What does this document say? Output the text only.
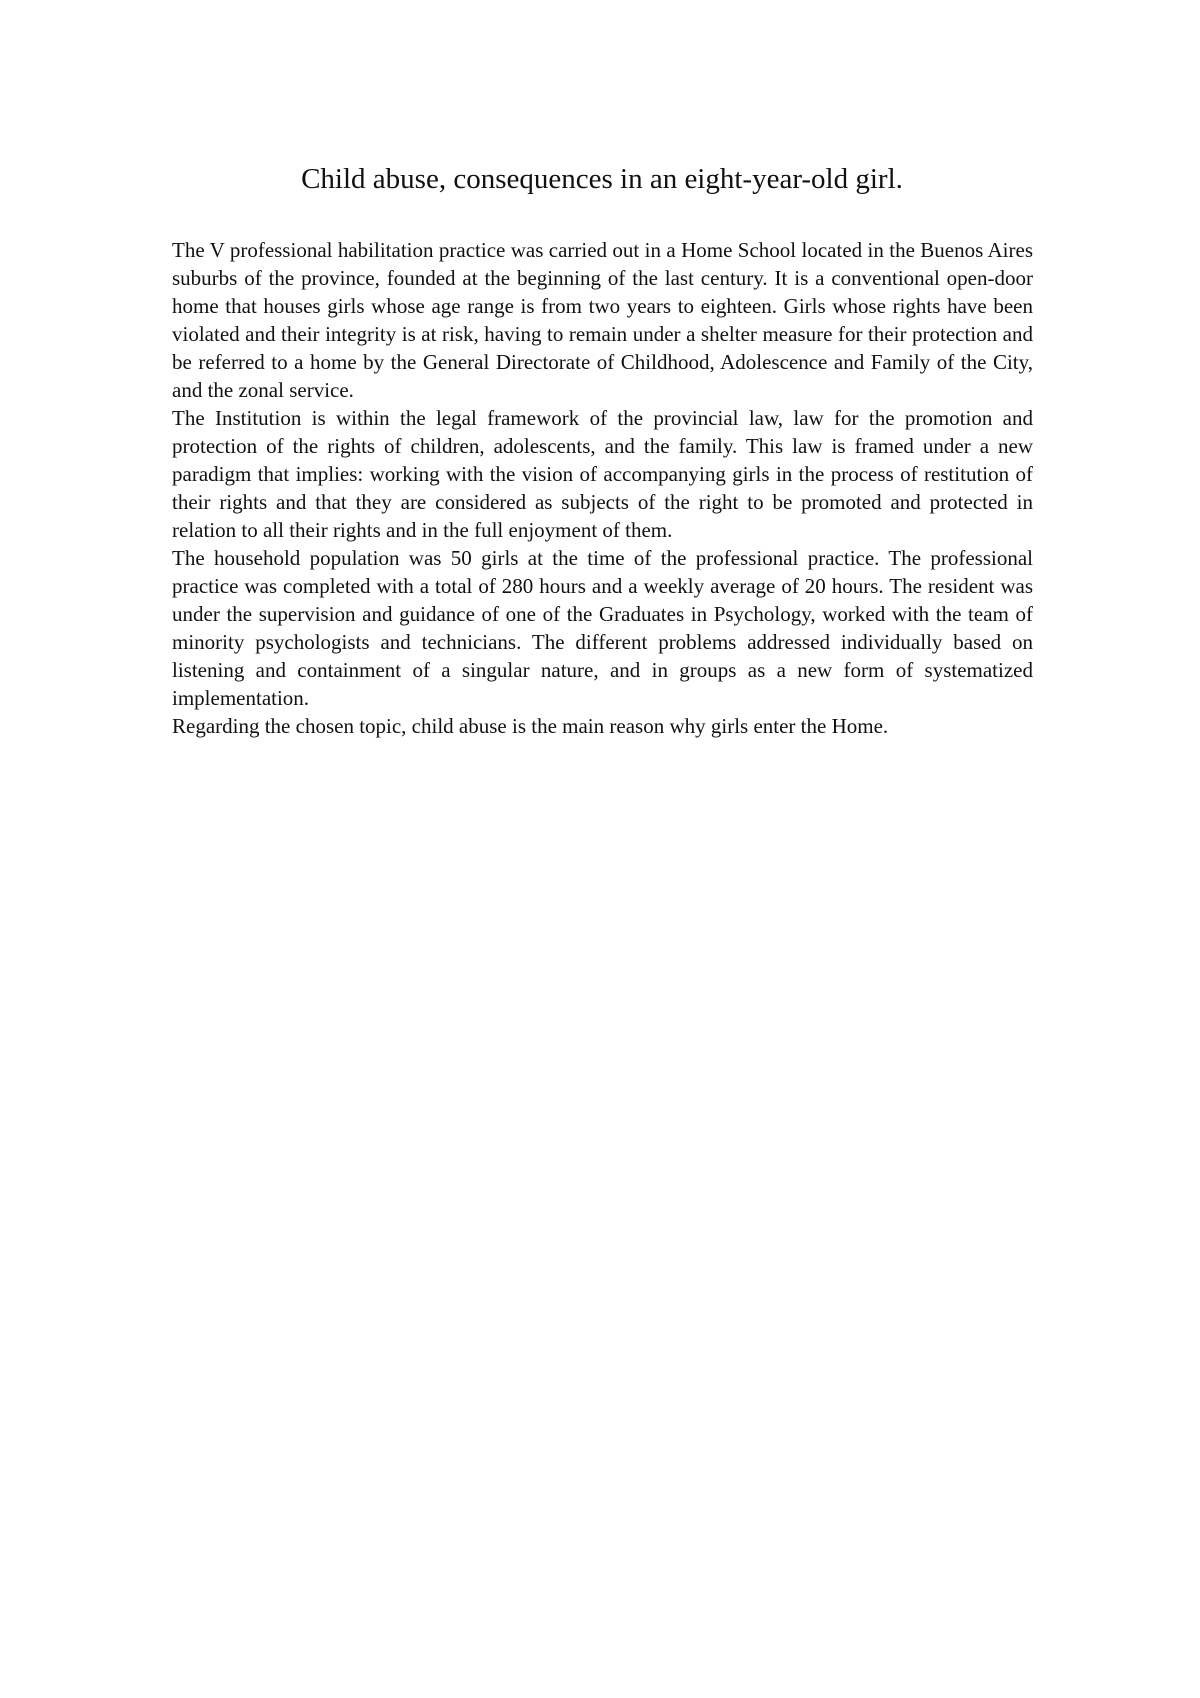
Child abuse, consequences in an eight-year-old girl.

The V professional habilitation practice was carried out in a Home School located in the Buenos Aires suburbs of the province, founded at the beginning of the last century. It is a conventional open-door home that houses girls whose age range is from two years to eighteen. Girls whose rights have been violated and their integrity is at risk, having to remain under a shelter measure for their protection and be referred to a home by the General Directorate of Childhood, Adolescence and Family of the City, and the zonal service.

The Institution is within the legal framework of the provincial law, law for the promotion and protection of the rights of children, adolescents, and the family. This law is framed under a new paradigm that implies: working with the vision of accompanying girls in the process of restitution of their rights and that they are considered as subjects of the right to be promoted and protected in relation to all their rights and in the full enjoyment of them.

The household population was 50 girls at the time of the professional practice. The professional practice was completed with a total of 280 hours and a weekly average of 20 hours. The resident was under the supervision and guidance of one of the Graduates in Psychology, worked with the team of minority psychologists and technicians. The different problems addressed individually based on listening and containment of a singular nature, and in groups as a new form of systematized implementation.

Regarding the chosen topic, child abuse is the main reason why girls enter the Home.
